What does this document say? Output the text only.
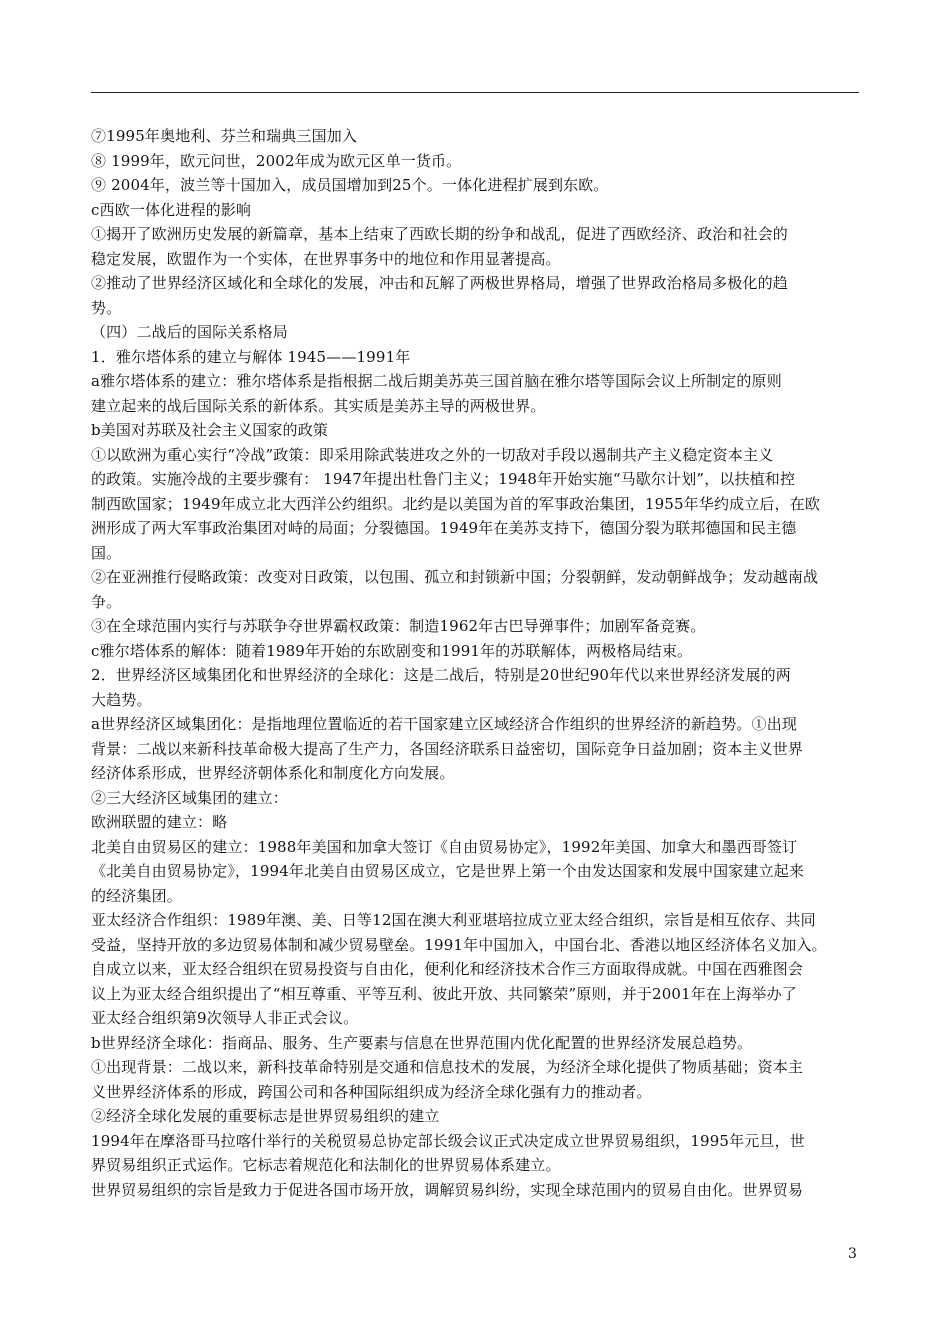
⑦1995年奥地利、芬兰和瑞典三国加入
⑧ 1999年，欧元问世，2002年成为欧元区单一货币。
⑨ 2004年，波兰等十国加入，成员国增加到25个。一体化进程扩展到东欧。
c西欧一体化进程的影响
①揭开了欧洲历史发展的新篇章，基本上结束了西欧长期的纷争和战乱，促进了西欧经济、政治和社会的
稳定发展，欧盟作为一个实体，在世界事务中的地位和作用显著提高。
②推动了世界经济区域化和全球化的发展，冲击和瓦解了两极世界格局，增强了世界政治格局多极化的趋
势。
（四）二战后的国际关系格局
1．雅尔塔体系的建立与解体 1945——1991年
a雅尔塔体系的建立：雅尔塔体系是指根据二战后期美苏英三国首脑在雅尔塔等国际会议上所制定的原则
建立起来的战后国际关系的新体系。其实质是美苏主导的两极世界。
b美国对苏联及社会主义国家的政策
①以欧洲为重心实行“冷战”政策：即采用除武装进攻之外的一切敌对手段以遏制共产主义稳定资本主义
的政策。实施冷战的主要步骤有： 1947年提出杜鲁门主义；1948年开始实施“马歇尔计划”，以扶植和控
制西欧国家；1949年成立北大西洋公约组织。北约是以美国为首的军事政治集团，1955年华约成立后，在欧
洲形成了两大军事政治集团对峙的局面；分裂德国。1949年在美苏支持下，德国分裂为联邦德国和民主德
国。
②在亚洲推行侵略政策：改变对日政策，以包围、孤立和封锁新中国；分裂朝鲜，发动朝鲜战争；发动越南战
争。
③在全球范围内实行与苏联争夺世界霸权政策：制造1962年古巴导弹事件；加剧军备竞赛。
c雅尔塔体系的解体：随着1989年开始的东欧剧变和1991年的苏联解体，两极格局结束。
2．世界经济区域集团化和世界经济的全球化：这是二战后，特别是20世纪90年代以来世界经济发展的两
大趋势。
a世界经济区域集团化：是指地理位置临近的若干国家建立区域经济合作组织的世界经济的新趋势。①出现
背景：二战以来新科技革命极大提高了生产力，各国经济联系日益密切，国际竞争日益加剧；资本主义世界
经济体系形成，世界经济朝体系化和制度化方向发展。
②三大经济区域集团的建立：
欧洲联盟的建立：略
北美自由贸易区的建立：1988年美国和加拿大签订《自由贸易协定》，1992年美国、加拿大和墨西哥签订
《北美自由贸易协定》，1994年北美自由贸易区成立，它是世界上第一个由发达国家和发展中国家建立起来
的经济集团。
亚太经济合作组织：1989年澳、美、日等12国在澳大利亚堪培拉成立亚太经合组织，宗旨是相互依存、共同
受益，坚持开放的多边贸易体制和减少贸易壁垒。1991年中国加入，中国台北、香港以地区经济体名义加入。
自成立以来，亚太经合组织在贸易投资与自由化，便利化和经济技术合作三方面取得成就。中国在西雅图会
议上为亚太经合组织提出了“相互尊重、平等互利、彼此开放、共同繁荣”原则，并于2001年在上海举办了
亚太经合组织第9次领导人非正式会议。
b世界经济全球化：指商品、服务、生产要素与信息在世界范围内优化配置的世界经济发展总趋势。
①出现背景：二战以来，新科技革命特别是交通和信息技术的发展，为经济全球化提供了物质基础；资本主
义世界经济体系的形成，跨国公司和各种国际组织成为经济全球化强有力的推动者。
②经济全球化发展的重要标志是世界贸易组织的建立
1994年在摩洛哥马拉喀什举行的关税贸易总协定部长级会议正式决定成立世界贸易组织，1995年元旦，世
界贸易组织正式运作。它标志着规范化和法制化的世界贸易体系建立。
世界贸易组织的宗旨是致力于促进各国市场开放，调解贸易纠纷，实现全球范围内的贸易自由化。世界贸易
3
